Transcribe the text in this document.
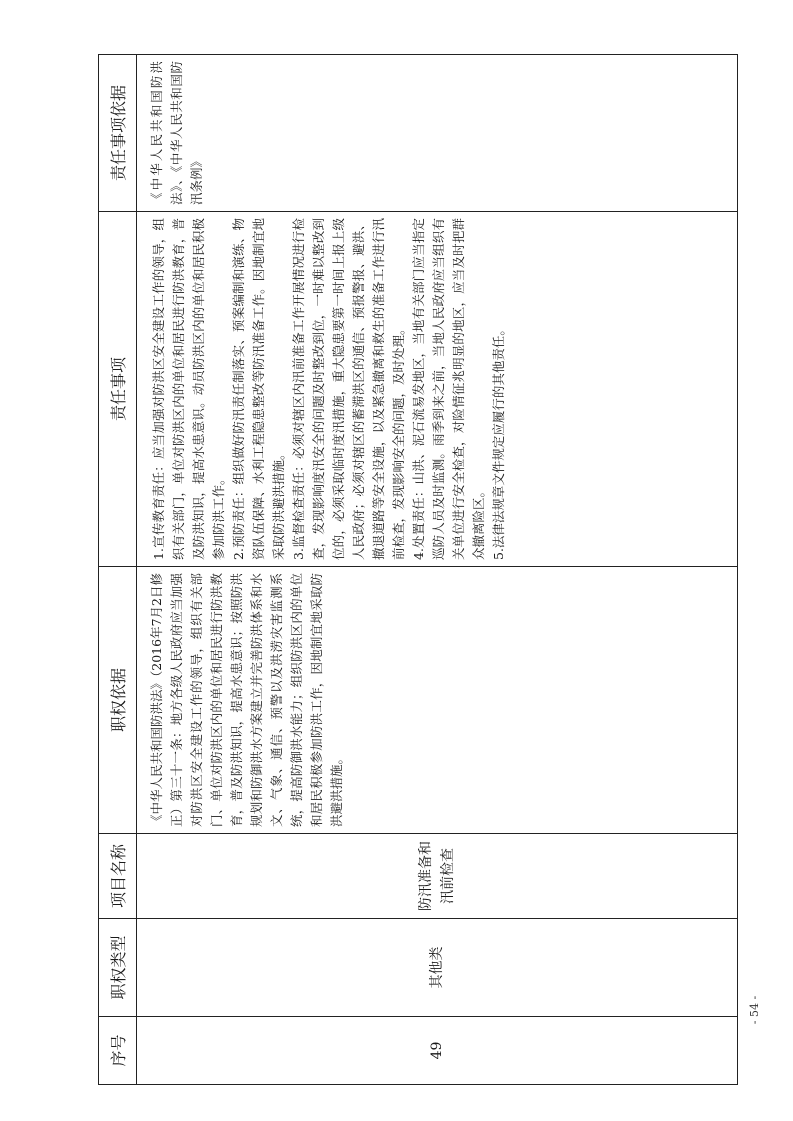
序号	职权类型	项目名称	职权依据	责任事项	责任事项依据
49	其他类	防汛准备和汛前检查	《中华人民共和国防洪法》（2016年7月2日修正）第三十一条：地方各级人民政府应当加强对防洪区安全建设工作的领导，组织有关部门、单位对防洪区内的单位和居民进行防洪教育，普及防洪知识，提高水患意识；按照防洪规划和防御洪水方案建立并完善防洪体系和水文、气象、通信、预警以及洪涝灾害监测系统，提高防御洪水能力；组织防洪区内的单位和居民积极参加防洪工作，因地制宜地采取防洪避洪措施。	1.宣传教育责任：应当加强对防洪区安全建设工作的领导，组织有关部门，单位对防洪区内的单位和居民进行防洪教育，普及防洪知识，提高水患意识。动员防洪区内的单位和居民积极参加防洪工作。 2.预防责任：组织做好防汛责任制落实、预案编制和演练、物资队伍保障、水利工程隐患整改等防汛准备工作。因地制宜地采取防洪避洪措施。 3.监督检查责任：必须对辖区内汛前准备工作开展情况进行检查，发现影响度汛安全的问题及时整改到位，一时难以整改到位的，必须采取临时度汛措施，重大隐患要第一时间上报上级人民政府；必须对辖区的蓄滞洪区的通信、预报警报、避洪、撤退道路等安全设施，以及紧急撤离和救生的准备工作进行汛前检查，发现影响安全的问题，及时处理。 4.处置责任：山洪、泥石流易发地区，当地有关部门应当指定巡防人员及时监测。雨季到来之前，当地人民政府应当组织有关单位进行安全检查，对险情征兆明显的地区，应当及时把群众撤离险区。 5.法律法规章文件规定应履行的其他责任。	《中华人民共和国防洪法》、《中华人民共和国防汛条例》
- 54 -
